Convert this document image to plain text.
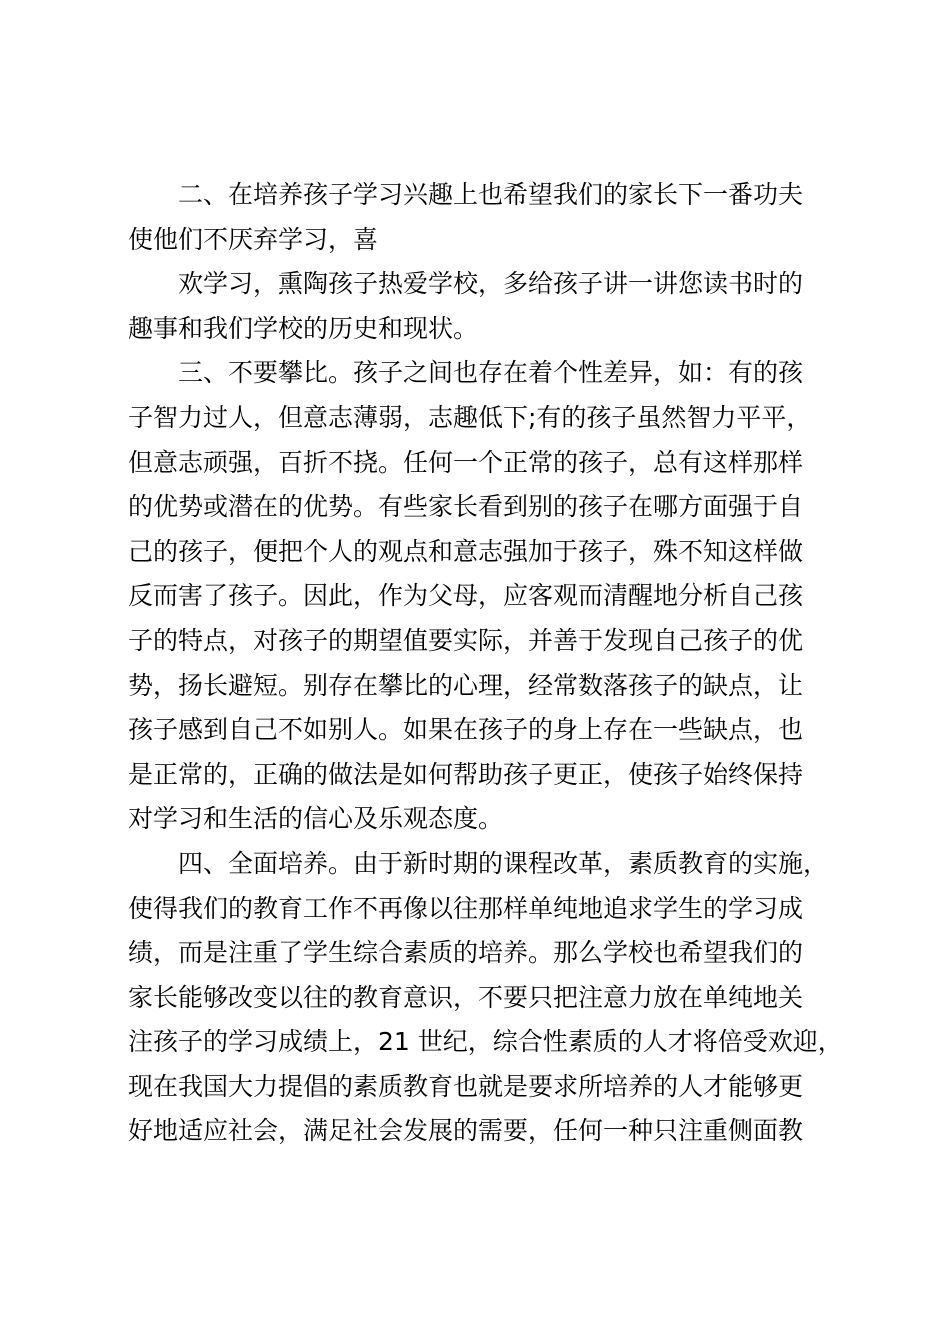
二、在培养孩子学习兴趣上也希望我们的家长下一番功夫
使他们不厌弃学习，喜
欢学习，熏陶孩子热爱学校，多给孩子讲一讲您读书时的
趣事和我们学校的历史和现状。
三、不要攀比。孩子之间也存在着个性差异，如：有的孩
子智力过人，但意志薄弱，志趣低下;有的孩子虽然智力平平，
但意志顽强，百折不挠。任何一个正常的孩子，总有这样那样
的优势或潜在的优势。有些家长看到别的孩子在哪方面强于自
己的孩子，便把个人的观点和意志强加于孩子，殊不知这样做
反而害了孩子。因此，作为父母，应客观而清醒地分析自己孩
子的特点，对孩子的期望值要实际，并善于发现自己孩子的优
势，扬长避短。别存在攀比的心理，经常数落孩子的缺点，让
孩子感到自己不如别人。如果在孩子的身上存在一些缺点，也
是正常的，正确的做法是如何帮助孩子更正，使孩子始终保持
对学习和生活的信心及乐观态度。
四、全面培养。由于新时期的课程改革，素质教育的实施，
使得我们的教育工作不再像以往那样单纯地追求学生的学习成
绩，而是注重了学生综合素质的培养。那么学校也希望我们的
家长能够改变以往的教育意识，不要只把注意力放在单纯地关
注孩子的学习成绩上，21 世纪，综合性素质的人才将倍受欢迎，
现在我国大力提倡的素质教育也就是要求所培养的人才能够更
好地适应社会，满足社会发展的需要，任何一种只注重侧面教
